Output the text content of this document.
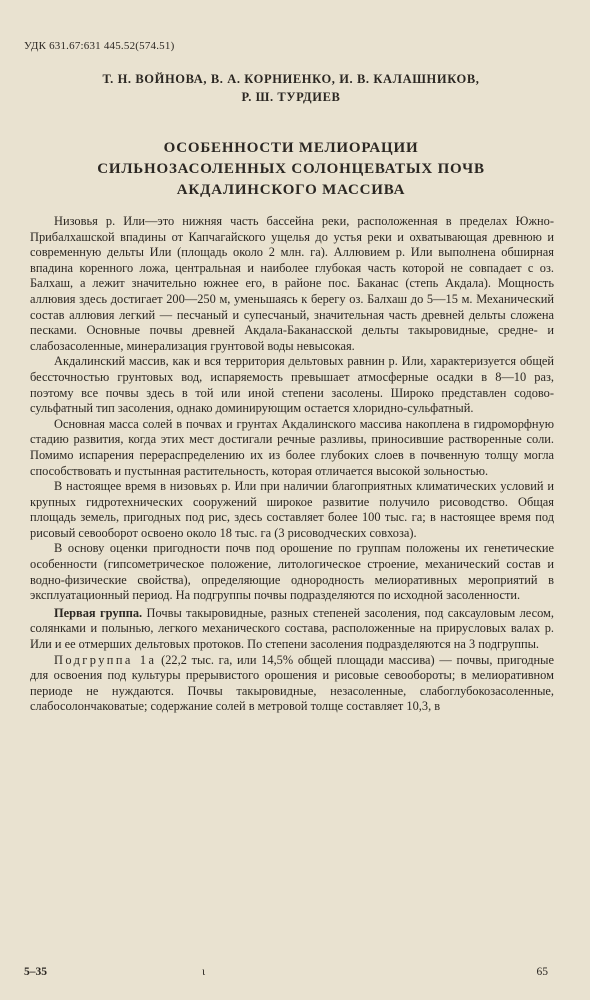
УДК 631.67:631 445.52(574.51)
Т. Н. ВОЙНОВА, В. А. КОРНИЕНКО, И. В. КАЛАШНИКОВ,
Р. Ш. ТУРДИЕВ
ОСОБЕННОСТИ МЕЛИОРАЦИИ
СИЛЬНОЗАСОЛЕННЫХ СОЛОНЦЕВАТЫХ ПОЧВ
АКДАЛИНСКОГО МАССИВА

Низовья р. Или—это нижняя часть бассейна реки, расположенная в пределах Южно-Прибалхашской впадины от Капчагайского ущелья до устья реки и охватывающая древнюю и современную дельты Или (площадь около 2 млн. га). Аллювием р. Или выполнена обширная впадина коренного ложа, центральная и наиболее глубокая часть которой не совпадает с оз. Балхаш, а лежит значительно южнее его, в районе пос. Баканас (степь Акдала). Мощность аллювия здесь достигает 200—250 м, уменьшаясь к берегу оз. Балхаш до 5—15 м. Механический состав аллювия легкий — песчаный и супесчаный, значительная часть древней дельты сложена песками. Основные почвы древней Акдала-Баканасской дельты такыровидные, средне- и слабозасоленные, минерализация грунтовой воды невысокая.

Акдалинский массив, как и вся территория дельтовых равнин р. Или, характеризуется общей бессточностью грунтовых вод, испаряемость превышает атмосферные осадки в 8—10 раз, поэтому все почвы здесь в той или иной степени засолены. Широко представлен содово-сульфатный тип засоления, однако доминирующим остается хлоридно-сульфатный.

Основная масса солей в почвах и грунтах Акдалинского массива накоплена в гидроморфную стадию развития, когда этих мест достигали речные разливы, приносившие растворенные соли. Помимо испарения перераспределению их из более глубоких слоев в почвенную толщу могла способствовать и пустынная растительность, которая отличается высокой зольностью.

В настоящее время в низовьях р. Или при наличии благоприятных климатических условий и крупных гидротехнических сооружений широкое развитие получило рисоводство. Общая площадь земель, пригодных под рис, здесь составляет более 100 тыс. га; в настоящее время под рисовый севооборот освоено около 18 тыс. га (3 рисоводческих совхоза).

В основу оценки пригодности почв под орошение по группам положены их генетические особенности (гипсометрическое положение, литологическое строение, механический состав и водно-физические свойства), определяющие однородность мелиоративных мероприятий в эксплуатационный период. На подгруппы почвы подразделяются по исходной засоленности.

Первая группа. Почвы такыровидные, разных степеней засоления, под саксауловым лесом, солянками и полынью, легкого механического состава, расположенные на прирусловых валах р. Или и ее отмерших дельтовых протоков. По степени засоления подразделяются на 3 подгруппы.

Подгруппа 1а (22,2 тыс. га, или 14,5% общей площади массива) — почвы, пригодные для освоения под культуры прерывистого орошения и рисовые севообороты; в мелиоративном периоде не нуждаются. Почвы такыровидные, незасоленные, слабоглубокозасоленные, слабосолончаковатые; содержание солей в метровой толще составляет 10,3, в

5–35	ι	65
